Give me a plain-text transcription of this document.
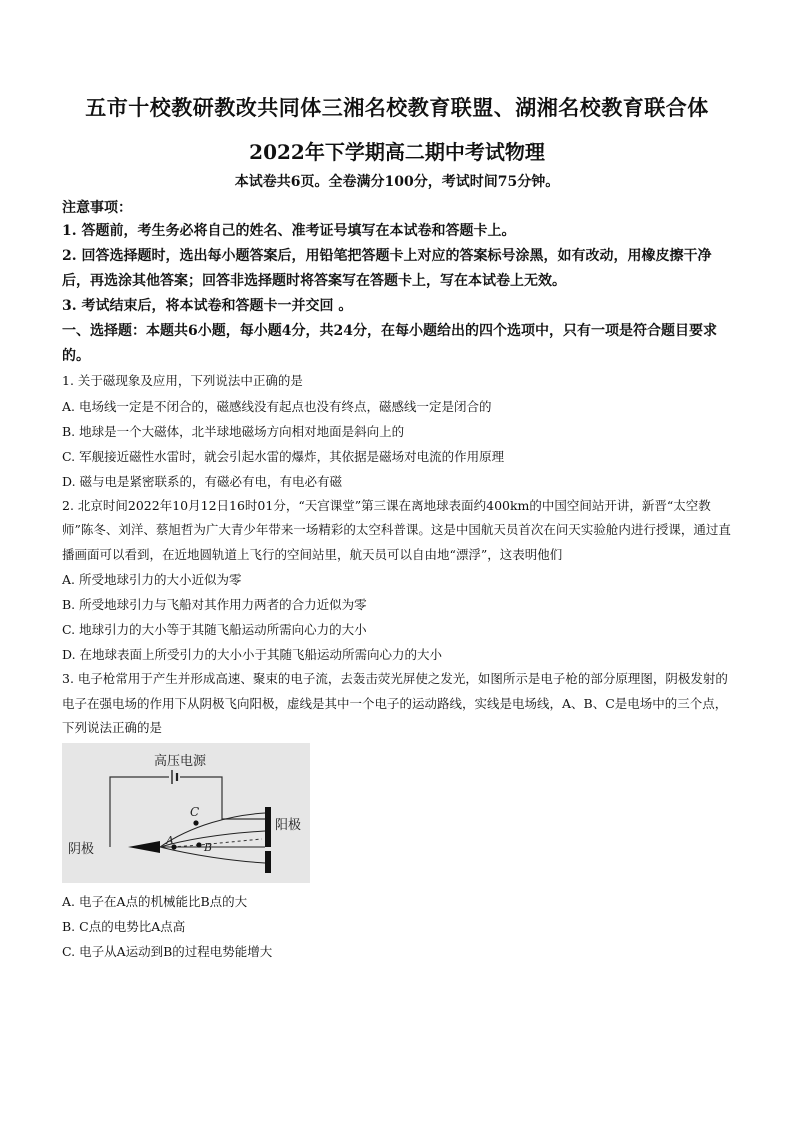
五市十校教研教改共同体三湘名校教育联盟、湖湘名校教育联合体
2022年下学期高二期中考试物理
本试卷共6页。全卷满分100分，考试时间75分钟。
注意事项：

1. 答题前，考生务必将自己的姓名、准考证号填写在本试卷和答题卡上。

2. 回答选择题时，选出每小题答案后，用铅笔把答题卡上对应的答案标号涂黑，如有改动，用橡皮擦干净后，再选涂其他答案；回答非选择题时将答案写在答题卡上，写在本试卷上无效。

3. 考试结束后，将本试卷和答题卡一并交回 。

一、选择题：本题共6小题，每小题4分，共24分，在每小题给出的四个选项中，只有一项是符合题目要求的。

1. 关于磁现象及应用，下列说法中正确的是

A. 电场线一定是不闭合的，磁感线没有起点也没有终点，磁感线一定是闭合的

B. 地球是一个大磁体，北半球地磁场方向相对地面是斜向上的

C. 军舰接近磁性水雷时，就会引起水雷的爆炸，其依据是磁场对电流的作用原理

D. 磁与电是紧密联系的，有磁必有电，有电必有磁

2. 北京时间2022年10月12日16时01分，“天宫课堂”第三课在离地球表面约400km的中国空间站开讲，新晋“太空教师”陈冬、刘洋、蔡旭哲为广大青少年带来一场精彩的太空科普课。这是中国航天员首次在问天实验舱内进行授课，通过直播画面可以看到，在近地圆轨道上飞行的空间站里，航天员可以自由地“漂浮”，这表明他们

A. 所受地球引力的大小近似为零

B. 所受地球引力与飞船对其作用力两者的合力近似为零

C. 地球引力的大小等于其随飞船运动所需向心力的大小

D. 在地球表面上所受引力的大小小于其随飞船运动所需向心力的大小

3. 电子枪常用于产生并形成高速、聚束的电子流，去轰击荧光屏使之发光，如图所示是电子枪的部分原理图，阴极发射的电子在强电场的作用下从阴极飞向阳极，虚线是其中一个电子的运动路线，实线是电场线，A、B、C是电场中的三个点，下列说法正确的是

高压电源
阴极
阳极
C
A
B

A. 电子在A点的机械能比B点的大

B. C点的电势比A点高

C. 电子从A运动到B的过程电势能增大
